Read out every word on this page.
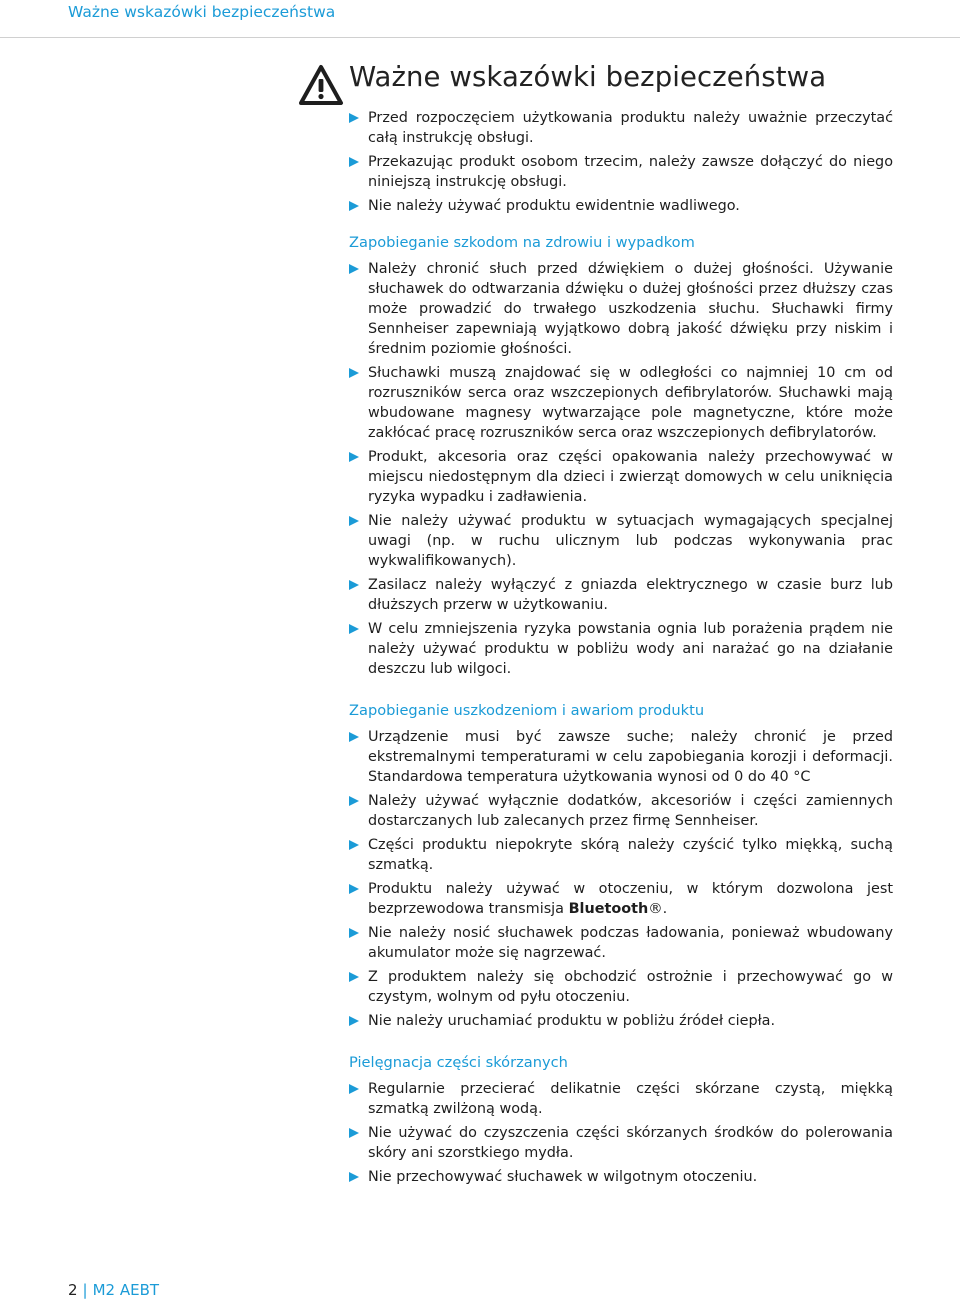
Ważne wskazówki bezpieczeństwa
Ważne wskazówki bezpieczeństwa
Przed rozpoczęciem użytkowania produktu należy uważnie przeczytać całą instrukcję obsługi.
Przekazując produkt osobom trzecim, należy zawsze dołączyć do niego niniejszą instrukcję obsługi.
Nie należy używać produktu ewidentnie wadliwego.
Zapobieganie szkodom na zdrowiu i wypadkom
Należy chronić słuch przed dźwiękiem o dużej głośności. Używanie słuchawek do odtwarzania dźwięku o dużej głośności przez dłuższy czas może prowadzić do trwałego uszkodzenia słuchu. Słuchawki firmy Sennheiser zapewniają wyjątkowo dobrą jakość dźwięku przy niskim i średnim poziomie głośności.
Słuchawki muszą znajdować się w odległości co najmniej 10 cm od rozruszników serca oraz wszczepionych defibrylatorów. Słuchawki mają wbudowane magnesy wytwarzające pole magnetyczne, które może zakłócać pracę rozruszników serca oraz wszczepionych defibrylatorów.
Produkt, akcesoria oraz części opakowania należy przechowywać w miejscu niedostępnym dla dzieci i zwierząt domowych w celu uniknięcia ryzyka wypadku i zadławienia.
Nie należy używać produktu w sytuacjach wymagających specjalnej uwagi (np. w ruchu ulicznym lub podczas wykonywania prac wykwalifikowanych).
Zasilacz należy wyłączyć z gniazda elektrycznego w czasie burz lub dłuższych przerw w użytkowaniu.
W celu zmniejszenia ryzyka powstania ognia lub porażenia prądem nie należy używać produktu w pobliżu wody ani narażać go na działanie deszczu lub wilgoci.
Zapobieganie uszkodzeniom i awariom produktu
Urządzenie musi być zawsze suche; należy chronić je przed ekstremalnymi temperaturami w celu zapobiegania korozji i deformacji. Standardowa temperatura użytkowania wynosi od 0 do 40 °C
Należy używać wyłącznie dodatków, akcesoriów i części zamiennych dostarczanych lub zalecanych przez firmę Sennheiser.
Części produktu niepokryte skórą należy czyścić tylko miękką, suchą szmatką.
Produktu należy używać w otoczeniu, w którym dozwolona jest bezprzewodowa transmisja Bluetooth®.
Nie należy nosić słuchawek podczas ładowania, ponieważ wbudowany akumulator może się nagrzewać.
Z produktem należy się obchodzić ostrożnie i przechowywać go w czystym, wolnym od pyłu otoczeniu.
Nie należy uruchamiać produktu w pobliżu źródeł ciepła.
Pielęgnacja części skórzanych
Regularnie przecierać delikatnie części skórzane czystą, miękką szmatką zwilżoną wodą.
Nie używać do czyszczenia części skórzanych środków do polerowania skóry ani szorstkiego mydła.
Nie przechowywać słuchawek w wilgotnym otoczeniu.
2 | M2 AEBT
